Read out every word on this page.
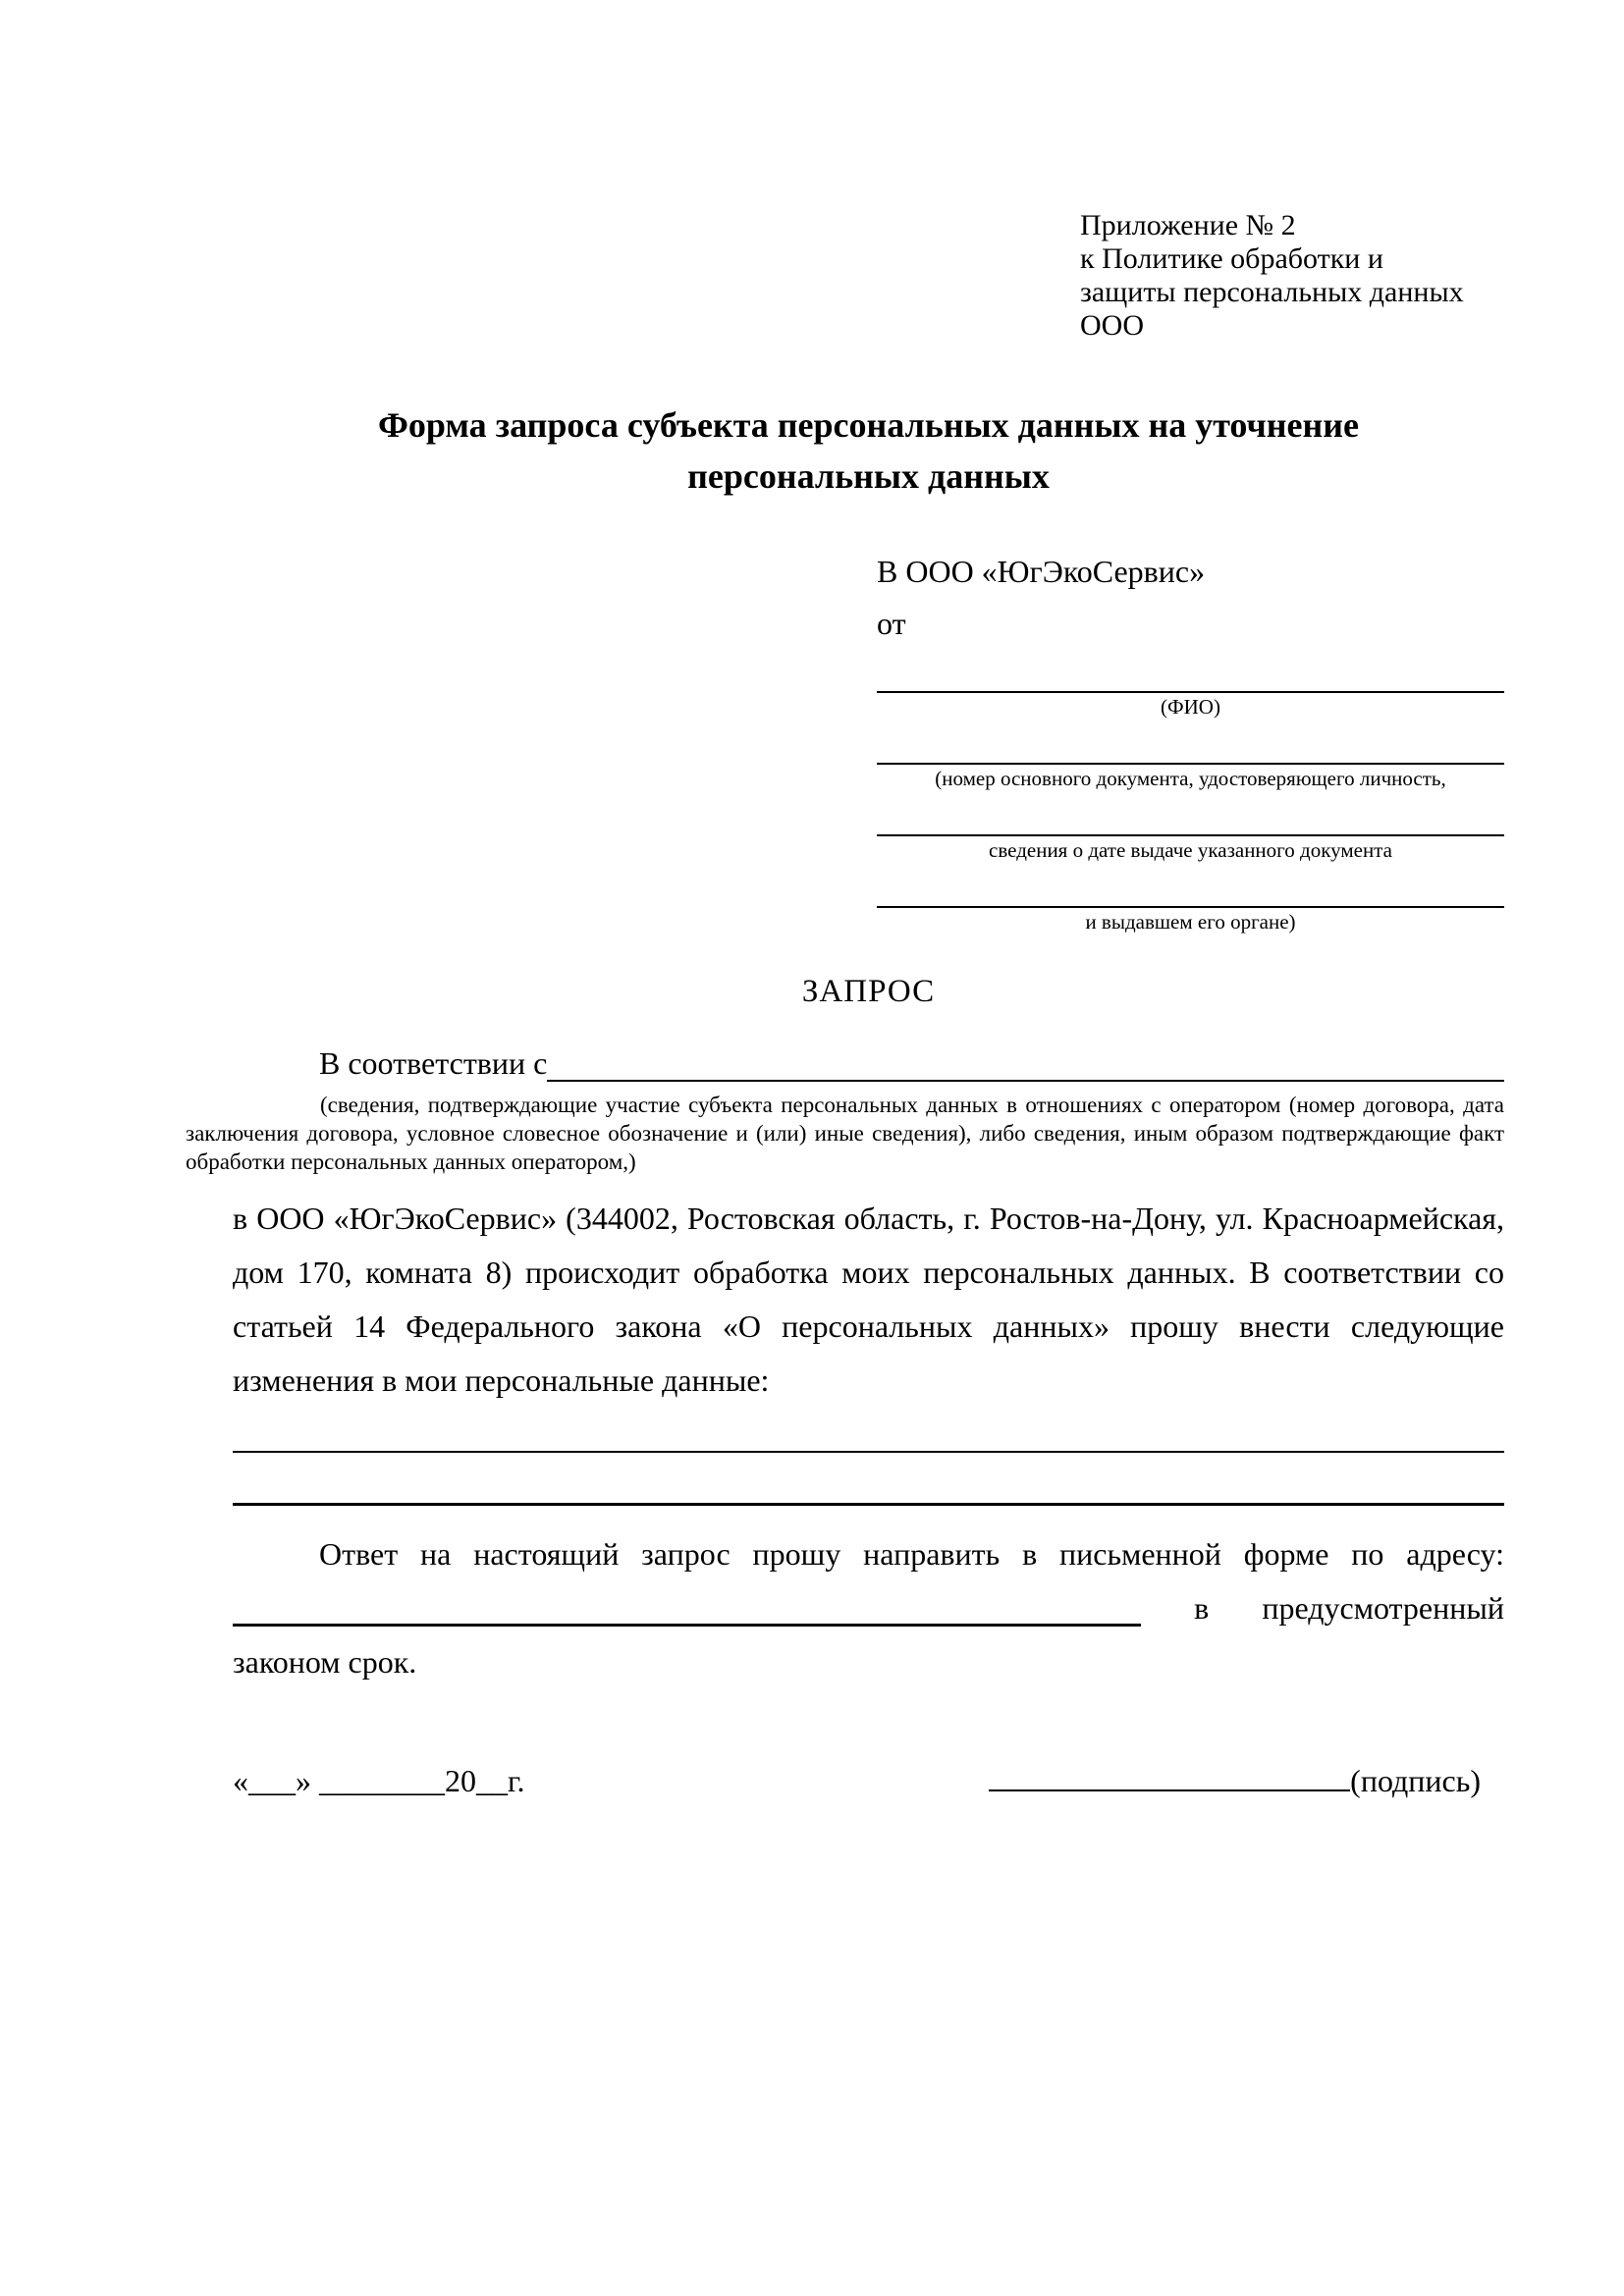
Приложение № 2
к Политике обработки и
защиты персональных данных
ООО
Форма запроса субъекта персональных данных на уточнение персональных данных
В ООО «ЮгЭкоСервис»
от
(ФИО)
(номер основного документа, удостоверяющего личность,
сведения о дате выдаче указанного документа
и выдавшем его органе)
ЗАПРОС
В соответствии с
(сведения, подтверждающие участие субъекта персональных данных в отношениях с оператором (номер договора, дата заключения договора, условное словесное обозначение и (или) иные сведения), либо сведения, иным образом подтверждающие факт обработки персональных данных оператором,)
в ООО «ЮгЭкоСервис» (344002, Ростовская область, г. Ростов-на-Дону, ул. Красноармейская, дом 170, комната 8) происходит обработка моих персональных данных. В соответствии со статьей 14 Федерального закона «О персональных данных» прошу внести следующие изменения в мои персональные данные:
Ответ на настоящий запрос прошу направить в письменной форме по адресу:
в предусмотренный
законом срок.
«___» ________20__г.	(подпись)
